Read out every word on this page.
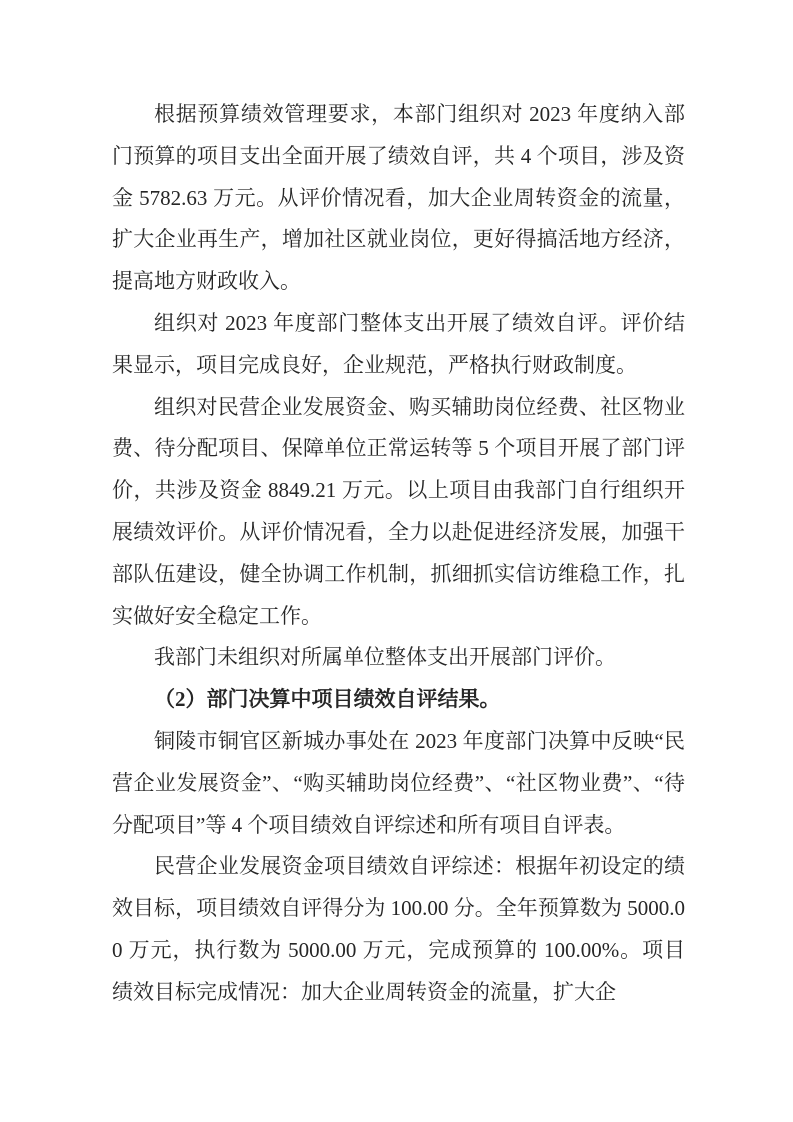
根据预算绩效管理要求，本部门组织对 2023 年度纳入部门预算的项目支出全面开展了绩效自评，共 4 个项目，涉及资金 5782.63 万元。从评价情况看，加大企业周转资金的流量，扩大企业再生产，增加社区就业岗位，更好得搞活地方经济，提高地方财政收入。

组织对 2023 年度部门整体支出开展了绩效自评。评价结果显示，项目完成良好，企业规范，严格执行财政制度。

组织对民营企业发展资金、购买辅助岗位经费、社区物业费、待分配项目、保障单位正常运转等 5 个项目开展了部门评价，共涉及资金 8849.21 万元。以上项目由我部门自行组织开展绩效评价。从评价情况看，全力以赴促进经济发展，加强干部队伍建设，健全协调工作机制，抓细抓实信访维稳工作，扎实做好安全稳定工作。

我部门未组织对所属单位整体支出开展部门评价。

（2）部门决算中项目绩效自评结果。

铜陵市铜官区新城办事处在 2023 年度部门决算中反映“民营企业发展资金”、“购买辅助岗位经费”、“社区物业费”、“待分配项目”等 4 个项目绩效自评综述和所有项目自评表。

民营企业发展资金项目绩效自评综述：根据年初设定的绩效目标，项目绩效自评得分为 100.00 分。全年预算数为 5000.00 万元，执行数为 5000.00 万元，完成预算的 100.00%。项目绩效目标完成情况：加大企业周转资金的流量，扩大企
